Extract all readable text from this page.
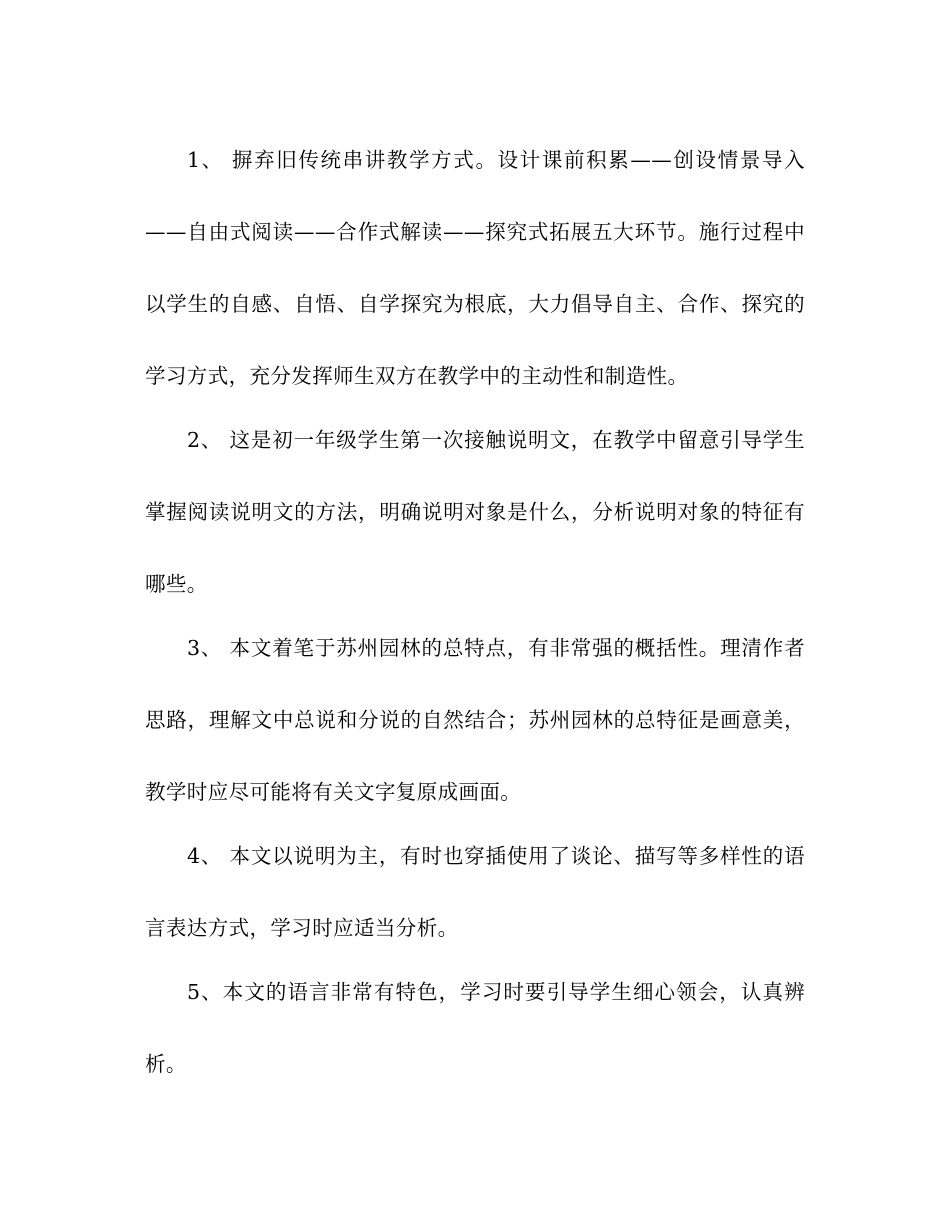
1、 摒弃旧传统串讲教学方式。设计课前积累——创设情景导入——自由式阅读——合作式解读——探究式拓展五大环节。施行过程中以学生的自感、自悟、自学探究为根底，大力倡导自主、合作、探究的学习方式，充分发挥师生双方在教学中的主动性和制造性。

2、 这是初一年级学生第一次接触说明文，在教学中留意引导学生掌握阅读说明文的方法，明确说明对象是什么，分析说明对象的特征有哪些。

3、 本文着笔于苏州园林的总特点，有非常强的概括性。理清作者思路，理解文中总说和分说的自然结合；苏州园林的总特征是画意美，教学时应尽可能将有关文字复原成画面。

4、 本文以说明为主，有时也穿插使用了谈论、描写等多样性的语言表达方式，学习时应适当分析。

5、本文的语言非常有特色，学习时要引导学生细心领会，认真辨析。
